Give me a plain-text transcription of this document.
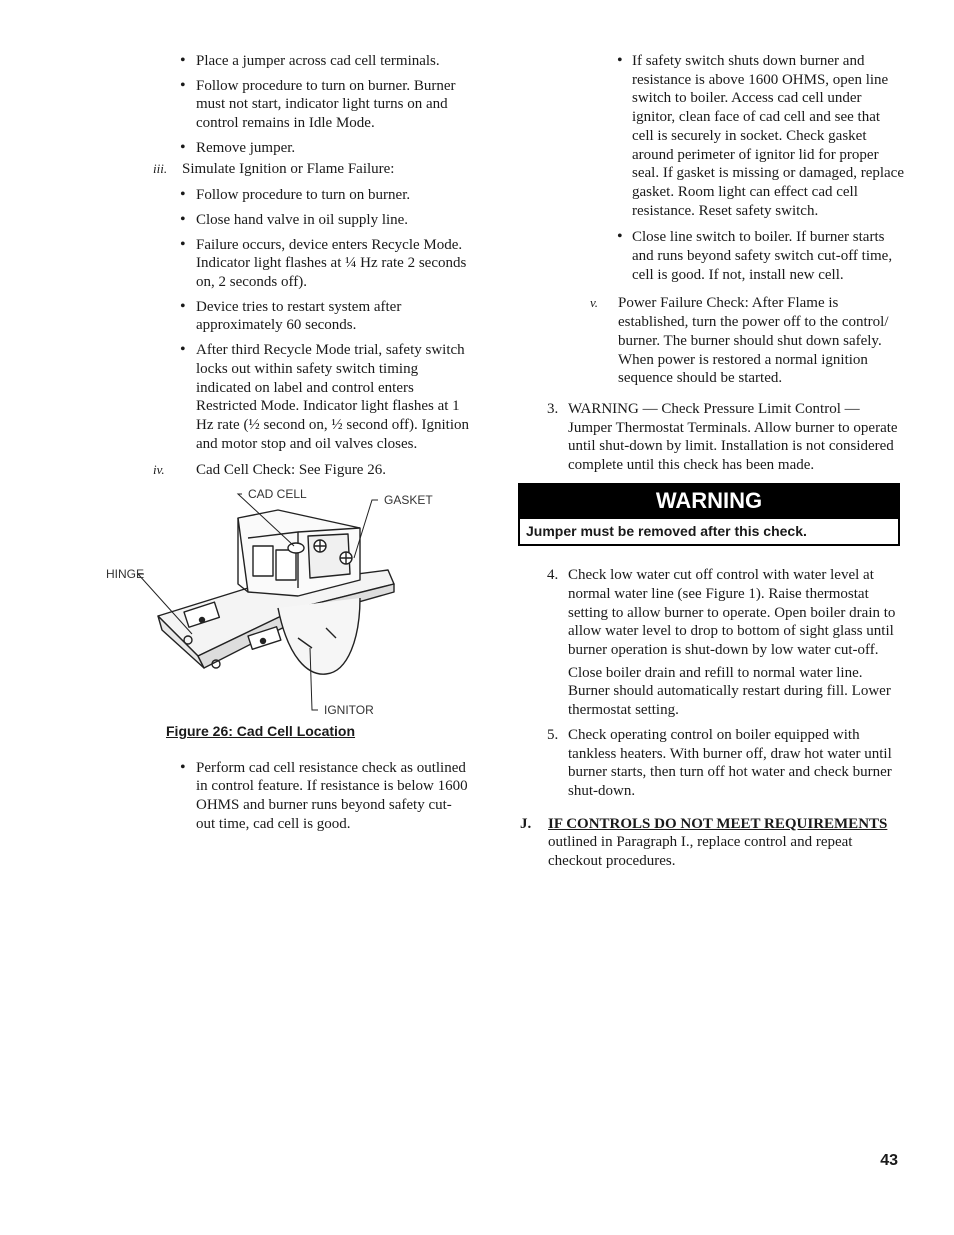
• Place a jumper across cad cell terminals.
• Follow procedure to turn on burner. Burner must not start, indicator light turns on and control remains in Idle Mode.
• Remove jumper.
iii. Simulate Ignition or Flame Failure:
• Follow procedure to turn on burner.
• Close hand valve in oil supply line.
• Failure occurs, device enters Recycle Mode. Indicator light flashes at ¼ Hz rate 2 seconds on, 2 seconds off).
• Device tries to restart system after approximately 60 seconds.
• After third Recycle Mode trial, safety switch locks out within safety switch timing indicated on label and control enters Restricted Mode. Indicator light flashes at 1 Hz rate (½ second on, ½ second off). Ignition and motor stop and oil valves closes.
iv. Cad Cell Check: See Figure 26.
CAD CELL	GASKET
HINGE
IGNITOR
Figure 26: Cad Cell Location
• Perform cad cell resistance check as outlined in control feature. If resistance is below 1600 OHMS and burner runs beyond safety cut-out time, cad cell is good.
• If safety switch shuts down burner and resistance is above 1600 OHMS, open line switch to boiler. Access cad cell under ignitor, clean face of cad cell and see that cell is securely in socket. Check gasket around perimeter of ignitor lid for proper seal. If gasket is missing or damaged, replace gasket. Room light can effect cad cell resistance. Reset safety switch.
• Close line switch to boiler. If burner starts and runs beyond safety switch cut-off time, cell is good. If not, install new cell.
v. Power Failure Check: After Flame is established, turn the power off to the control/ burner. The burner should shut down safely. When power is restored a normal ignition sequence should be started.
3. WARNING — Check Pressure Limit Control — Jumper Thermostat Terminals. Allow burner to operate until shut-down by limit. Installation is not considered complete until this check has been made.
WARNING
Jumper must be removed after this check.
4. Check low water cut off control with water level at normal water line (see Figure 1). Raise thermostat setting to allow burner to operate. Open boiler drain to allow water level to drop to bottom of sight glass until burner operation is shut-down by low water cut-off.
Close boiler drain and refill to normal water line. Burner should automatically restart during fill. Lower thermostat setting.
5. Check operating control on boiler equipped with tankless heaters. With burner off, draw hot water until burner starts, then turn off hot water and check burner shut-down.
J. IF CONTROLS DO NOT MEET REQUIREMENTS outlined in Paragraph I., replace control and repeat checkout procedures.
43
